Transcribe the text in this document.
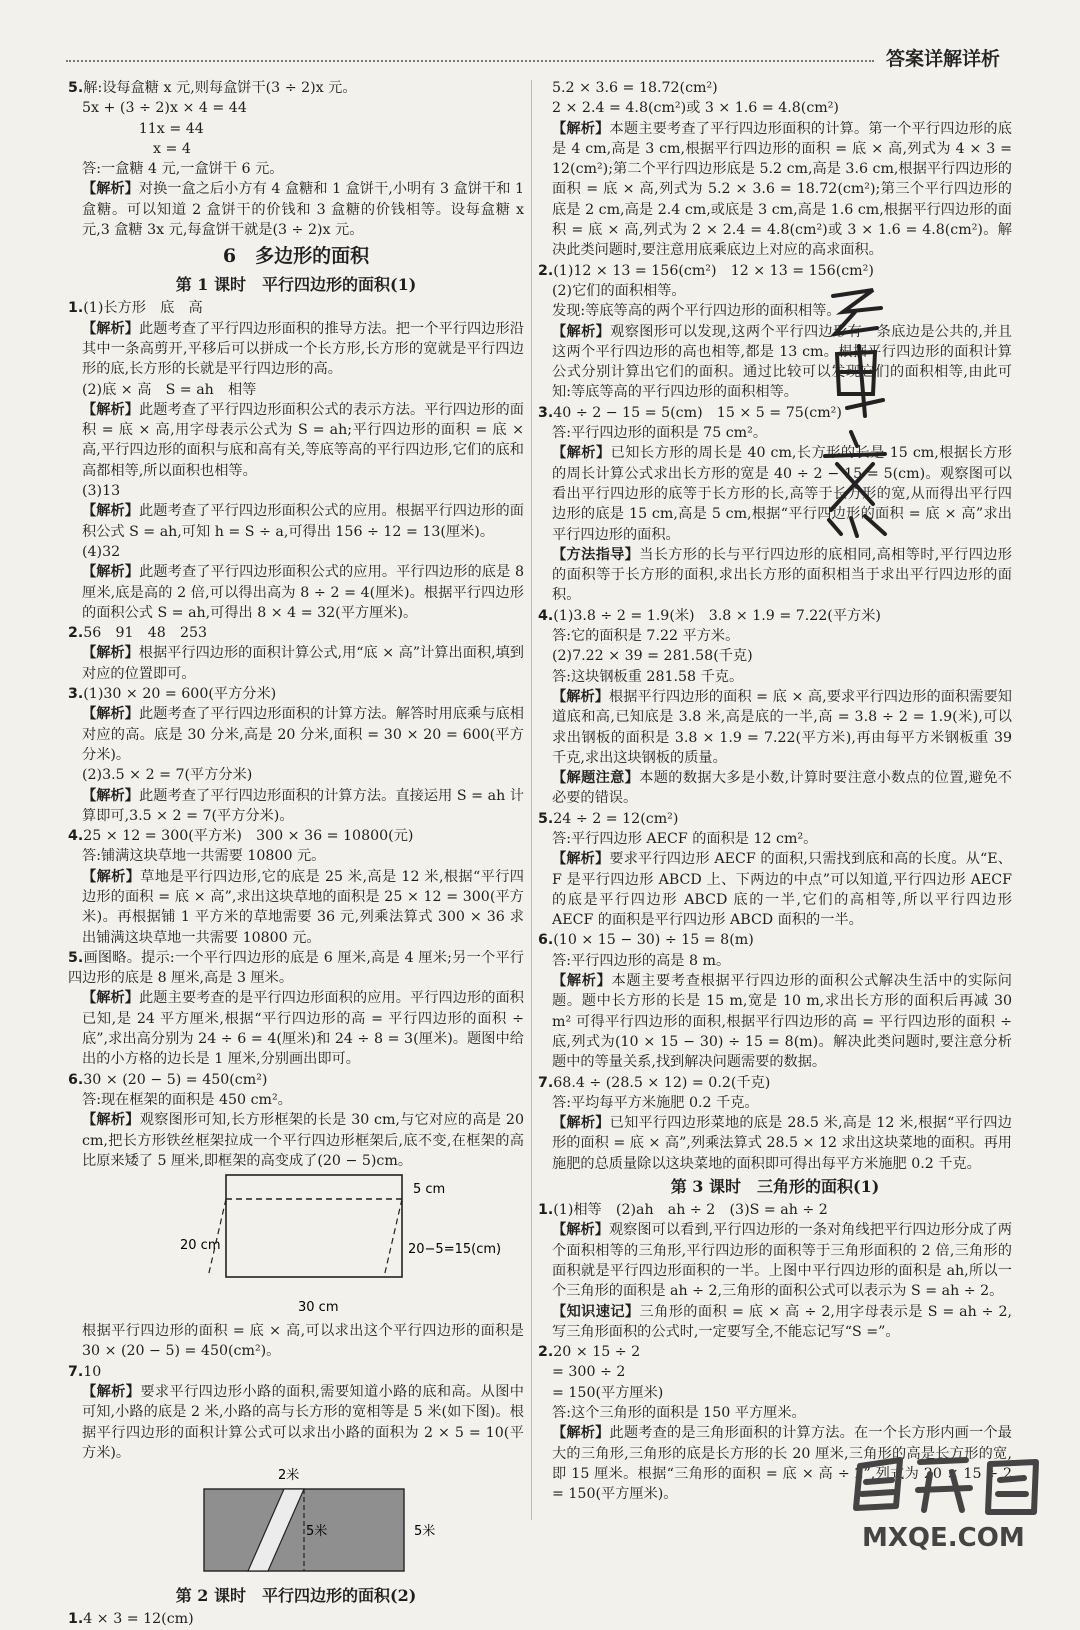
答案详解详析

5.解:设每盒糖 x 元,则每盒饼干(3 ÷ 2)x 元。

5x + (3 ÷ 2)x × 4 = 44

　　　　11x = 44

　　　　　x = 4

答:一盒糖 4 元,一盒饼干 6 元。

【解析】对换一盒之后小方有 4 盒糖和 1 盒饼干,小明有 3 盒饼干和 1 盒糖。可以知道 2 盒饼干的价钱和 3 盒糖的价钱相等。设每盒糖 x 元,3 盒糖 3x 元,每盒饼干就是(3 ÷ 2)x 元。

6　多边形的面积

第 1 课时　平行四边形的面积(1)

1.(1)长方形　底　高

【解析】此题考查了平行四边形面积的推导方法。把一个平行四边形沿其中一条高剪开,平移后可以拼成一个长方形,长方形的宽就是平行四边形的底,长方形的长就是平行四边形的高。

(2)底 × 高　S = ah　相等

【解析】此题考查了平行四边形面积公式的表示方法。平行四边形的面积 = 底 × 高,用字母表示公式为 S = ah;平行四边形的面积 = 底 × 高,平行四边形的面积与底和高有关,等底等高的平行四边形,它们的底和高都相等,所以面积也相等。

(3)13

【解析】此题考查了平行四边形面积公式的应用。根据平行四边形的面积公式 S = ah,可知 h = S ÷ a,可得出 156 ÷ 12 = 13(厘米)。

(4)32

【解析】此题考查了平行四边形面积公式的应用。平行四边形的底是 8 厘米,底是高的 2 倍,可以得出高为 8 ÷ 2 = 4(厘米)。根据平行四边形的面积公式 S = ah,可得出 8 × 4 = 32(平方厘米)。

2.56　91　48　253

【解析】根据平行四边形的面积计算公式,用“底 × 高”计算出面积,填到对应的位置即可。

3.(1)30 × 20 = 600(平方分米)

【解析】此题考查了平行四边形面积的计算方法。解答时用底乘与底相对应的高。底是 30 分米,高是 20 分米,面积 = 30 × 20 = 600(平方分米)。

(2)3.5 × 2 = 7(平方分米)

【解析】此题考查了平行四边形面积的计算方法。直接运用 S = ah 计算即可,3.5 × 2 = 7(平方分米)。

4.25 × 12 = 300(平方米)　300 × 36 = 10800(元)

答:铺满这块草地一共需要 10800 元。

【解析】草地是平行四边形,它的底是 25 米,高是 12 米,根据“平行四边形的面积 = 底 × 高”,求出这块草地的面积是 25 × 12 = 300(平方米)。再根据铺 1 平方米的草地需要 36 元,列乘法算式 300 × 36 求出铺满这块草地一共需要 10800 元。

5.画图略。提示:一个平行四边形的底是 6 厘米,高是 4 厘米;另一个平行四边形的底是 8 厘米,高是 3 厘米。

【解析】此题主要考查的是平行四边形面积的应用。平行四边形的面积已知,是 24 平方厘米,根据“平行四边形的高 = 平行四边形的面积 ÷ 底”,求出高分别为 24 ÷ 6 = 4(厘米)和 24 ÷ 8 = 3(厘米)。题图中给出的小方格的边长是 1 厘米,分别画出即可。

6.30 × (20 − 5) = 450(cm²)

答:现在框架的面积是 450 cm²。

【解析】观察图形可知,长方形框架的长是 30 cm,与它对应的高是 20 cm,把长方形铁丝框架拉成一个平行四边形框架后,底不变,在框架的高比原来矮了 5 厘米,即框架的高变成了(20 − 5)cm。

5 cm
20 cm	20−5=15(cm)
30 cm

根据平行四边形的面积 = 底 × 高,可以求出这个平行四边形的面积是 30 × (20 − 5) = 450(cm²)。

7.10

【解析】要求平行四边形小路的面积,需要知道小路的底和高。从图中可知,小路的底是 2 米,小路的高与长方形的宽相等是 5 米(如下图)。根据平行四边形的面积计算公式可以求出小路的面积为 2 × 5 = 10(平方米)。

2米
5米	5米

第 2 课时　平行四边形的面积(2)

1.4 × 3 = 12(cm)

5.2 × 3.6 = 18.72(cm²)

2 × 2.4 = 4.8(cm²)或 3 × 1.6 = 4.8(cm²)

【解析】本题主要考查了平行四边形面积的计算。第一个平行四边形的底是 4 cm,高是 3 cm,根据平行四边形的面积 = 底 × 高,列式为 4 × 3 = 12(cm²);第二个平行四边形底是 5.2 cm,高是 3.6 cm,根据平行四边形的面积 = 底 × 高,列式为 5.2 × 3.6 = 18.72(cm²);第三个平行四边形的底是 2 cm,高是 2.4 cm,或底是 3 cm,高是 1.6 cm,根据平行四边形的面积 = 底 × 高,列式为 2 × 2.4 = 4.8(cm²)或 3 × 1.6 = 4.8(cm²)。解决此类问题时,要注意用底乘底边上对应的高求面积。

2.(1)12 × 13 = 156(cm²)　12 × 13 = 156(cm²)

(2)它们的面积相等。

发现:等底等高的两个平行四边形的面积相等。

【解析】观察图形可以发现,这两个平行四边形有一条底边是公共的,并且这两个平行四边形的高也相等,都是 13 cm。根据平行四边形的面积计算公式分别计算出它们的面积。通过比较可以发现它们的面积相等,由此可知:等底等高的平行四边形的面积相等。

3.40 ÷ 2 − 15 = 5(cm)　15 × 5 = 75(cm²)

答:平行四边形的面积是 75 cm²。

【解析】已知长方形的周长是 40 cm,长方形的长是 15 cm,根据长方形的周长计算公式求出长方形的宽是 40 ÷ 2 − 15 = 5(cm)。观察图可以看出平行四边形的底等于长方形的长,高等于长方形的宽,从而得出平行四边形的底是 15 cm,高是 5 cm,根据“平行四边形的面积 = 底 × 高”求出平行四边形的面积。

【方法指导】当长方形的长与平行四边形的底相同,高相等时,平行四边形的面积等于长方形的面积,求出长方形的面积相当于求出平行四边形的面积。

4.(1)3.8 ÷ 2 = 1.9(米)　3.8 × 1.9 = 7.22(平方米)

答:它的面积是 7.22 平方米。

(2)7.22 × 39 = 281.58(千克)

答:这块钢板重 281.58 千克。

【解析】根据平行四边形的面积 = 底 × 高,要求平行四边形的面积需要知道底和高,已知底是 3.8 米,高是底的一半,高 = 3.8 ÷ 2 = 1.9(米),可以求出钢板的面积是 3.8 × 1.9 = 7.22(平方米),再由每平方米钢板重 39 千克,求出这块钢板的质量。

【解题注意】本题的数据大多是小数,计算时要注意小数点的位置,避免不必要的错误。

5.24 ÷ 2 = 12(cm²)

答:平行四边形 AECF 的面积是 12 cm²。

【解析】要求平行四边形 AECF 的面积,只需找到底和高的长度。从“E、F 是平行四边形 ABCD 上、下两边的中点”可以知道,平行四边形 AECF 的底是平行四边形 ABCD 底的一半,它们的高相等,所以平行四边形 AECF 的面积是平行四边形 ABCD 面积的一半。

6.(10 × 15 − 30) ÷ 15 = 8(m)

答:平行四边形的高是 8 m。

【解析】本题主要考查根据平行四边形的面积公式解决生活中的实际问题。题中长方形的长是 15 m,宽是 10 m,求出长方形的面积后再减 30 m² 可得平行四边形的面积,根据平行四边形的高 = 平行四边形的面积 ÷ 底,列式为(10 × 15 − 30) ÷ 15 = 8(m)。解决此类问题时,要注意分析题中的等量关系,找到解决问题需要的数据。

7.68.4 ÷ (28.5 × 12) = 0.2(千克)

答:平均每平方米施肥 0.2 千克。

【解析】已知平行四边形菜地的底是 28.5 米,高是 12 米,根据“平行四边形的面积 = 底 × 高”,列乘法算式 28.5 × 12 求出这块菜地的面积。再用施肥的总质量除以这块菜地的面积即可得出每平方米施肥 0.2 千克。

第 3 课时　三角形的面积(1)

1.(1)相等　(2)ah　ah ÷ 2　(3)S = ah ÷ 2

【解析】观察图可以看到,平行四边形的一条对角线把平行四边形分成了两个面积相等的三角形,平行四边形的面积等于三角形面积的 2 倍,三角形的面积就是平行四边形面积的一半。上图中平行四边形的面积是 ah,所以一个三角形的面积是 ah ÷ 2,三角形的面积公式可以表示为 S = ah ÷ 2。

【知识速记】三角形的面积 = 底 × 高 ÷ 2,用字母表示是 S = ah ÷ 2,写三角形面积的公式时,一定要写全,不能忘记写“S =”。

2.20 × 15 ÷ 2

= 300 ÷ 2

= 150(平方厘米)

答:这个三角形的面积是 150 平方厘米。

【解析】此题考查的是三角形面积的计算方法。在一个长方形内画一个最大的三角形,三角形的底是长方形的长 20 厘米,三角形的高是长方形的宽,即 15 厘米。根据“三角形的面积 = 底 × 高 ÷ 2”,列式为 20 × 15 ÷ 2 = 150(平方厘米)。

MXQE.COM
